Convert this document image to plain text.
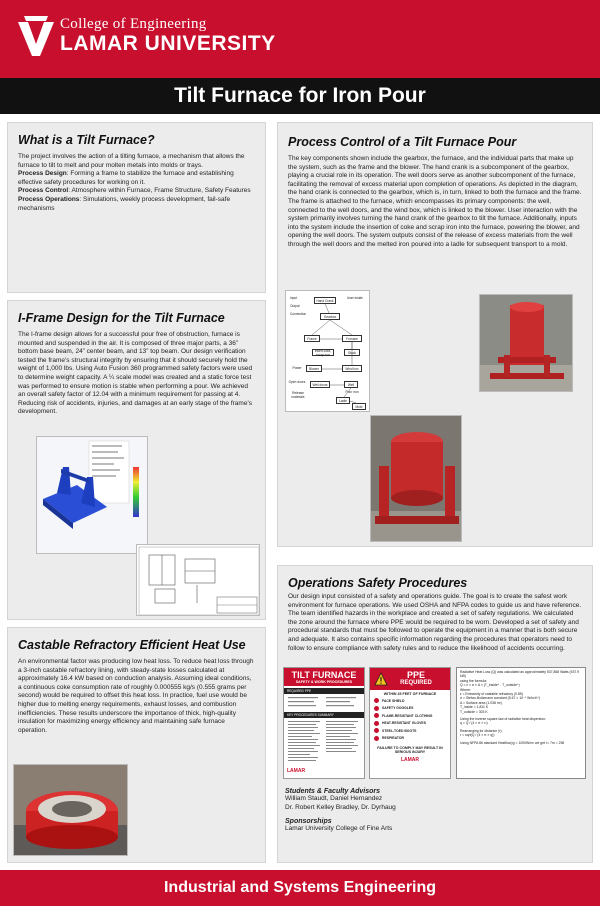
College of Engineering
LAMAR UNIVERSITY
Tilt Furnace for Iron Pour
What is a Tilt Furnace?

The project involves the action of a tilting furnace, a mechanism that allows the furnace to tilt to melt and pour molten metals into molds or trays.
Process Design: Forming a frame to stabilize the furnace and establishing effective safety procedures for working on it.
Process Control: Atmosphere within Furnace, Frame Structure, Safety Features
Process Operations: Simulations, weekly process development, fail-safe mechanisms

I-Frame Design for the Tilt Furnace

The I-frame design allows for a successful pour free of obstruction, furnace is mounted and suspended in the air. It is composed of three major parts, a 36” bottom base beam, 24” center beam, and 13” top beam. Our design verification tested the frame’s structural integrity by ensuring that it should securely hold the weight of 1,000 lbs. Using Auto Fusion 360 programmed safety factors were used to determine weight capacity. A ¼ scale model was created and a static force test was performed to ensure motion is stable when performing a pour. We achieved an overall safety factor of 12.04 with a minimum requirement for passing at 4. Reducing risk of accidents, injuries, and damages at an early stage of the frame’s development.

Castable Refractory Efficient Heat Use

An environmental factor was producing low heat loss. To reduce heat loss through a 3-inch castable refractory lining, with steady-state losses calculated at approximately 16.4 kW based on conduction analysis. Assuming ideal conditions, a continuous coke consumption rate of roughly 0.000555 kg/s (0.555 grams per second) would be required to offset this heat loss. In practice, fuel use would be higher due to melting energy requirements, exhaust losses, and combustion inefficiencies. These results underscore the importance of thick, high-quality insulation for maximizing energy efficiency and maintaining safe furnace operation.

Process Control of a Tilt Furnace Pour

The key components shown include the gearbox, the furnace, and the individual parts that make up the system, such as the frame and the blower. The hand crank is a subcomponent of the gearbox, playing a crucial role in its operation. The well doors serve as another subcomponent of the furnace, facilitating the removal of excess material upon completion of operations. As depicted in the diagram, the hand crank is connected to the gearbox, which is, in turn, linked to both the furnace and the frame. The frame is attached to the furnace, which encompasses its primary components: the well, connected to the well doors, and the wind box, which is linked to the blower. User interaction with the system primarily involves turning the hand crank of the gearbox to tilt the furnace. Additionally, inputs into the system include the insertion of coke and scrap iron into the furnace, powering the blower, and opening the well doors. The system outputs consist of the release of excess materials from the well through the well doors and the melted iron poured into a ladle for subsequent transport to a mold.

Input
Output
Connection
Hand Crank
User inside
Gearbox
Frame	Furnace
Insert coke, scrap iron	Stack
Power	Blower	Wind box
Open doors
Well doors	Well
Pour iron
Release materials
Ladle
Mold
Operations Safety Procedures

Our design input consisted of a safety and operations guide. The goal is to create the safest work environment for furnace operations. We used OSHA and NFPA codes to guide us and have reference. The team identified hazards in the workplace and created a set of safety regulations. We calculated the zone around the furnace where PPE would be required to be worn. Developed a set of safety and procedural standards that must be followed to operate the equipment in a manner that is both secure and adequate. It also contains specific information regarding the procedures that operators need to follow to ensure compliance with safety rules and to reduce the likelihood of accidents occurring.

TILT FURNACE
SAFETY & WORK PROCEDURES
REQUIRED PPE
KEY PROCEDURES SUMMARY
LAMAR
PPE
REQUIRED
WITHIN 25 FEET OF FURNACE
FACE SHIELD
SAFETY GOGGLES
FLAME-RESISTANT CLOTHING
HEAT-RESISTANT GLOVES
STEEL-TOED BOOTS
RESPIRATOR
FAILURE TO COMPLY MAY RESULT IN SERIOUS INJURY
LAMAR
Radiative Heat Loss (Q) was calculated as approximately 537,868 Watts (537.9 kW)
using the formula:
Q = ε × σ × A × (T_inside⁴ - T_outside⁴)
Where:
ε = Emissivity of castable refractory (0.85)
σ = Stefan-Boltzmann constant (5.67 × 10⁻⁸ W/m²K⁴)
A = Surface area (1.038 m²)
T_inside = 1,811 K
T_outside = 303 K
Using the inverse square law of radiative heat dispersion:
q = Q / (4 × π × r²)
Rearranging for distance (r):
r = sqrt(Q / (4 × π × q))
Using NFPA 86 standard Heatflux(q) = 1000W/m² we get r= 7m = 23ft
Students & Faculty Advisors
William Staudt, Daniel Hernandez
Dr. Robert Kelley Bradley, Dr. Dyrhaug
Sponsorships
Lamar University College of Fine Arts
Industrial and Systems Engineering
